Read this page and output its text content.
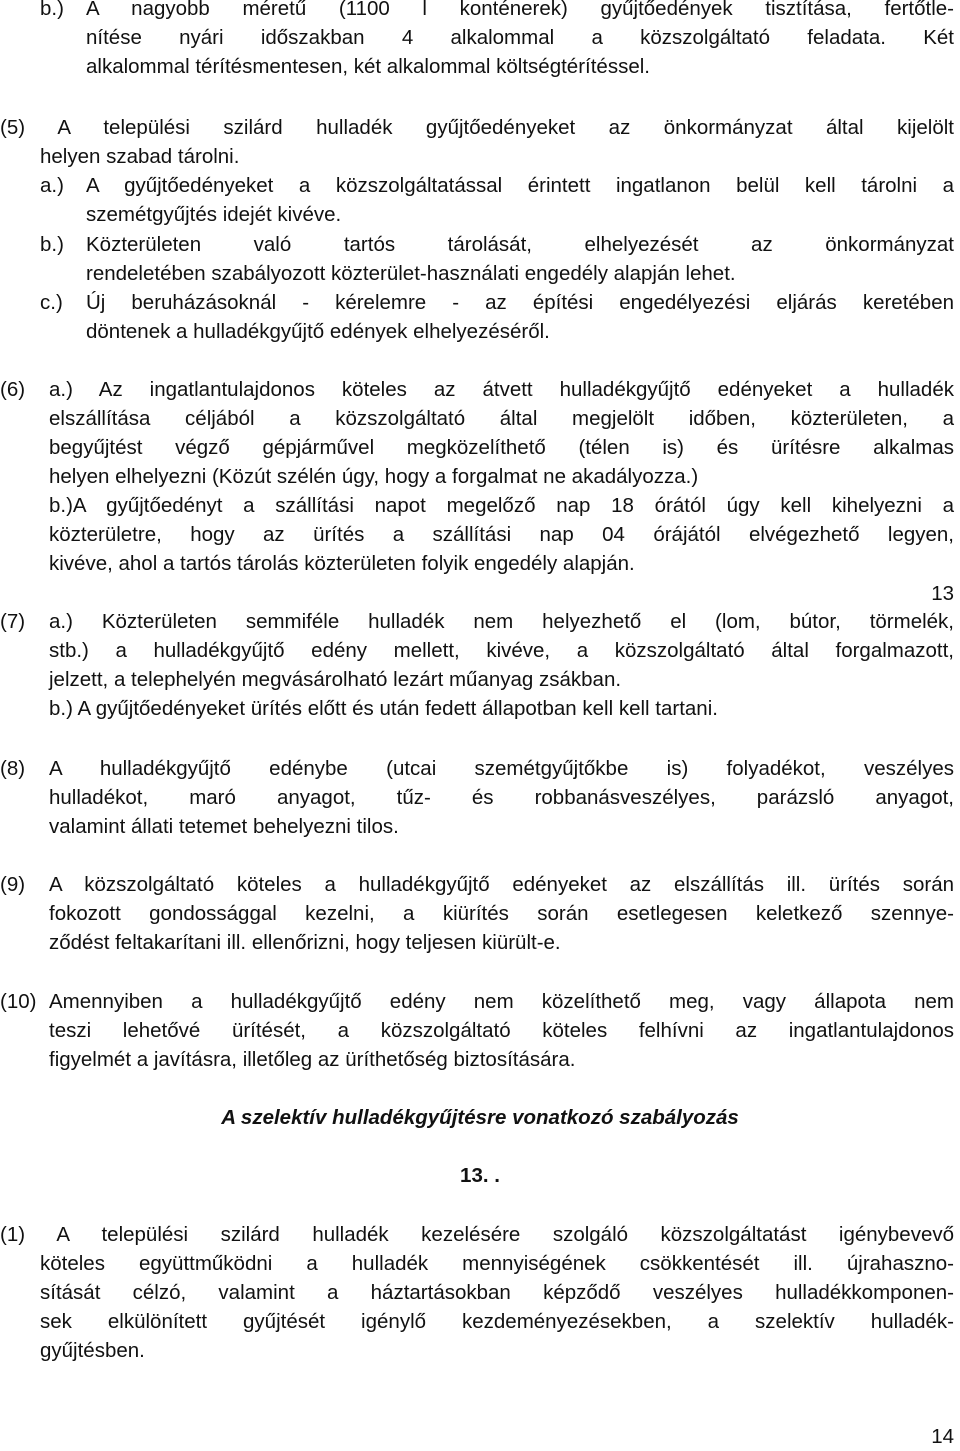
b.) A nagyobb méretű (1100 l konténerek) gyűjtőedények tisztítása, fertőtle-
nítése nyári időszakban 4 alkalommal a közszolgáltató feladata. Két
alkalommal térítésmentesen, két alkalommal költségtérítéssel.
(5) A települési szilárd hulladék gyűjtőedényeket az önkormányzat által kijelölt
helyen szabad tárolni.
a.) A gyűjtőedényeket a közszolgáltatással érintett ingatlanon belül kell tárolni a
szemétgyűjtés idejét kivéve.
b.) Közterületen való tartós tárolását, elhelyezését az önkormányzat
rendeletében szabályozott közterület-használati engedély alapján lehet.
c.) Új beruházásoknál - kérelemre - az építési engedélyezési eljárás keretében
döntenek a hulladékgyűjtő edények elhelyezéséről.
(6) a.) Az ingatlantulajdonos köteles az átvett hulladékgyűjtő edényeket a hulladék
elszállítása céljából a közszolgáltató által megjelölt időben, közterületen, a
begyűjtést végző gépjárművel megközelíthető (télen is) és ürítésre alkalmas
helyen elhelyezni (Közút szélén úgy, hogy a forgalmat ne akadályozza.)
b.)A gyűjtőedényt a szállítási napot megelőző nap 18 órától úgy kell kihelyezni a
közterületre, hogy az ürítés a szállítási nap 04 órájától elvégezhető legyen,
kivéve, ahol a tartós tárolás közterületen folyik engedély alapján.
13
(7) a.) Közterületen semmiféle hulladék nem helyezhető el (lom, bútor, törmelék,
stb.) a hulladékgyűjtő edény mellett, kivéve, a közszolgáltató által forgalmazott,
jelzett, a telephelyén megvásárolható lezárt műanyag zsákban.
b.) A gyűjtőedényeket ürítés előtt és után fedett állapotban kell kell tartani.
(8) A hulladékgyűjtő edénybe (utcai szemétgyűjtőkbe is) folyadékot, veszélyes
hulladékot, maró anyagot, tűz- és robbanásveszélyes, parázsló anyagot,
valamint állati tetemet behelyezni tilos.
(9) A közszolgáltató köteles a hulladékgyűjtő edényeket az elszállítás ill. ürítés során
fokozott gondossággal kezelni, a kiürítés során esetlegesen keletkező szennye-
ződést feltakarítani ill. ellenőrizni, hogy teljesen kiürült-e.
(10) Amennyiben a hulladékgyűjtő edény nem közelíthető meg, vagy állapota nem
teszi lehetővé ürítését, a közszolgáltató köteles felhívni az ingatlantulajdonos
figyelmét a javításra, illetőleg az üríthetőség biztosítására.
A szelektív hulladékgyűjtésre vonatkozó szabályozás
13. .
(1) A települési szilárd hulladék kezelésére szolgáló közszolgáltatást igénybevevő
köteles együttműködni a hulladék mennyiségének csökkentését ill. újrahaszno-
sítását célzó, valamint a háztartásokban képződő veszélyes hulladékkomponen-
sek elkülönített gyűjtését igénylő kezdeményezésekben, a szelektív hulladék-
gyűjtésben.
14
